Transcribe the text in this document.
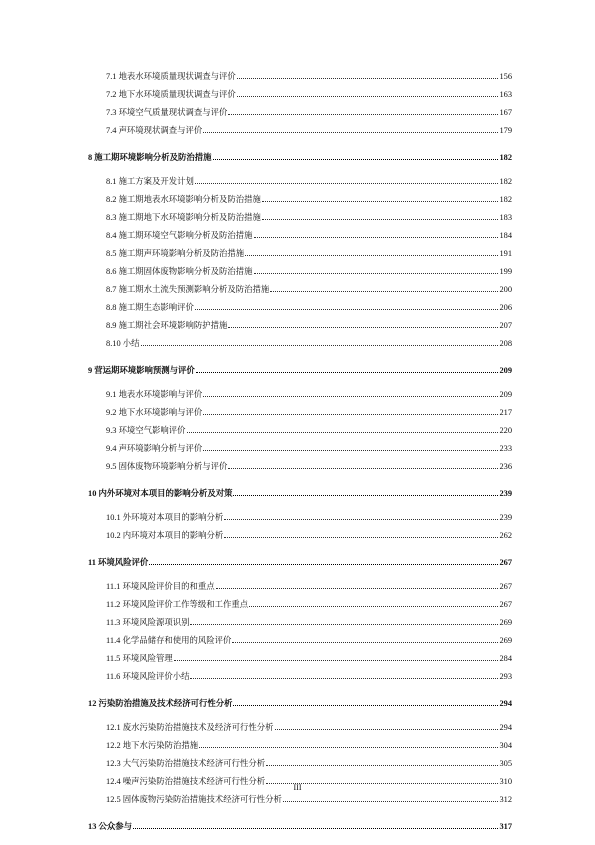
7.1 地表水环境质量现状调查与评价	156
7.2 地下水环境质量现状调查与评价	163
7.3 环境空气质量现状调查与评价	167
7.4 声环境现状调查与评价	179
8 施工期环境影响分析及防治措施	182
8.1 施工方案及开发计划	182
8.2 施工期地表水环境影响分析及防治措施	182
8.3 施工期地下水环境影响分析及防治措施	183
8.4 施工期环境空气影响分析及防治措施	184
8.5 施工期声环境影响分析及防治措施	191
8.6 施工期固体废物影响分析及防治措施	199
8.7 施工期水土流失预测影响分析及防治措施	200
8.8 施工期生态影响评价	206
8.9 施工期社会环境影响防护措施	207
8.10 小结	208
9 营运期环境影响预测与评价	209
9.1 地表水环境影响与评价	209
9.2 地下水环境影响与评价	217
9.3 环境空气影响评价	220
9.4 声环境影响分析与评价	233
9.5 固体废物环境影响分析与评价	236
10 内外环境对本项目的影响分析及对策	239
10.1 外环境对本项目的影响分析	239
10.2 内环境对本项目的影响分析	262
11 环境风险评价	267
11.1 环境风险评价目的和重点	267
11.2 环境风险评价工作等级和工作重点	267
11.3 环境风险源项识别	269
11.4 化学品储存和使用的风险评价	269
11.5 环境风险管理	284
11.6 环境风险评价小结	293
12 污染防治措施及技术经济可行性分析	294
12.1 废水污染防治措施技术及经济可行性分析	294
12.2 地下水污染防治措施	304
12.3 大气污染防治措施技术经济可行性分析	305
12.4 噪声污染防治措施技术经济可行性分析	310
12.5 固体废物污染防治措施技术经济可行性分析	312
13 公众参与	317
III
